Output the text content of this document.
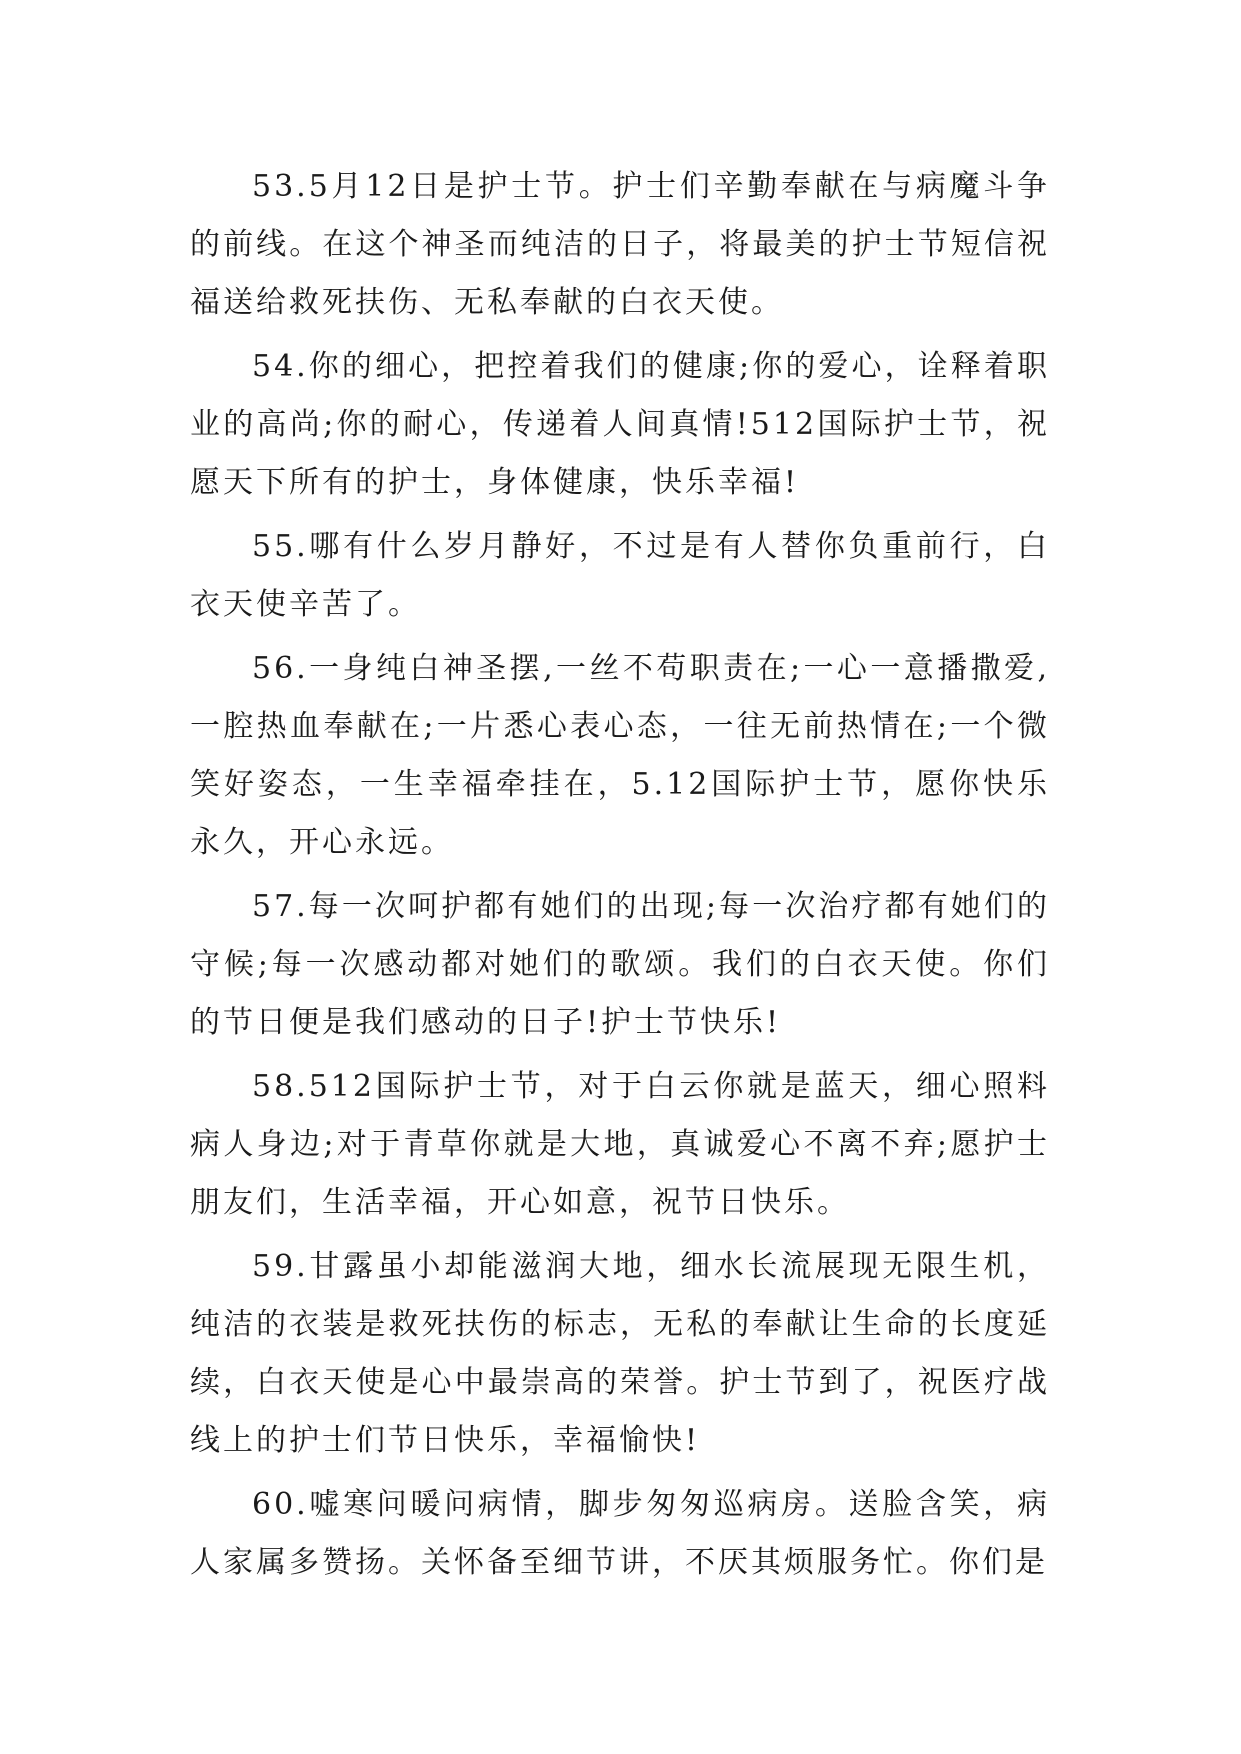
53.5月12日是护士节。护士们辛勤奉献在与病魔斗争的前线。在这个神圣而纯洁的日子，将最美的护士节短信祝福送给救死扶伤、无私奉献的白衣天使。

54.你的细心，把控着我们的健康;你的爱心，诠释着职业的高尚;你的耐心，传递着人间真情!512国际护士节，祝愿天下所有的护士，身体健康，快乐幸福!

55.哪有什么岁月静好，不过是有人替你负重前行，白衣天使辛苦了。

56.一身纯白神圣摆,一丝不苟职责在;一心一意播撒爱,一腔热血奉献在;一片悉心表心态，一往无前热情在;一个微笑好姿态，一生幸福牵挂在，5.12国际护士节，愿你快乐永久，开心永远。

57.每一次呵护都有她们的出现;每一次治疗都有她们的守候;每一次感动都对她们的歌颂。我们的白衣天使。你们的节日便是我们感动的日子!护士节快乐!

58.512国际护士节，对于白云你就是蓝天，细心照料病人身边;对于青草你就是大地，真诚爱心不离不弃;愿护士朋友们，生活幸福，开心如意，祝节日快乐。

59.甘露虽小却能滋润大地，细水长流展现无限生机，纯洁的衣装是救死扶伤的标志，无私的奉献让生命的长度延续，白衣天使是心中最崇高的荣誉。护士节到了，祝医疗战线上的护士们节日快乐，幸福愉快!

60.嘘寒问暖问病情，脚步匆匆巡病房。送脸含笑，病人家属多赞扬。关怀备至细节讲，不厌其烦服务忙。你们是
